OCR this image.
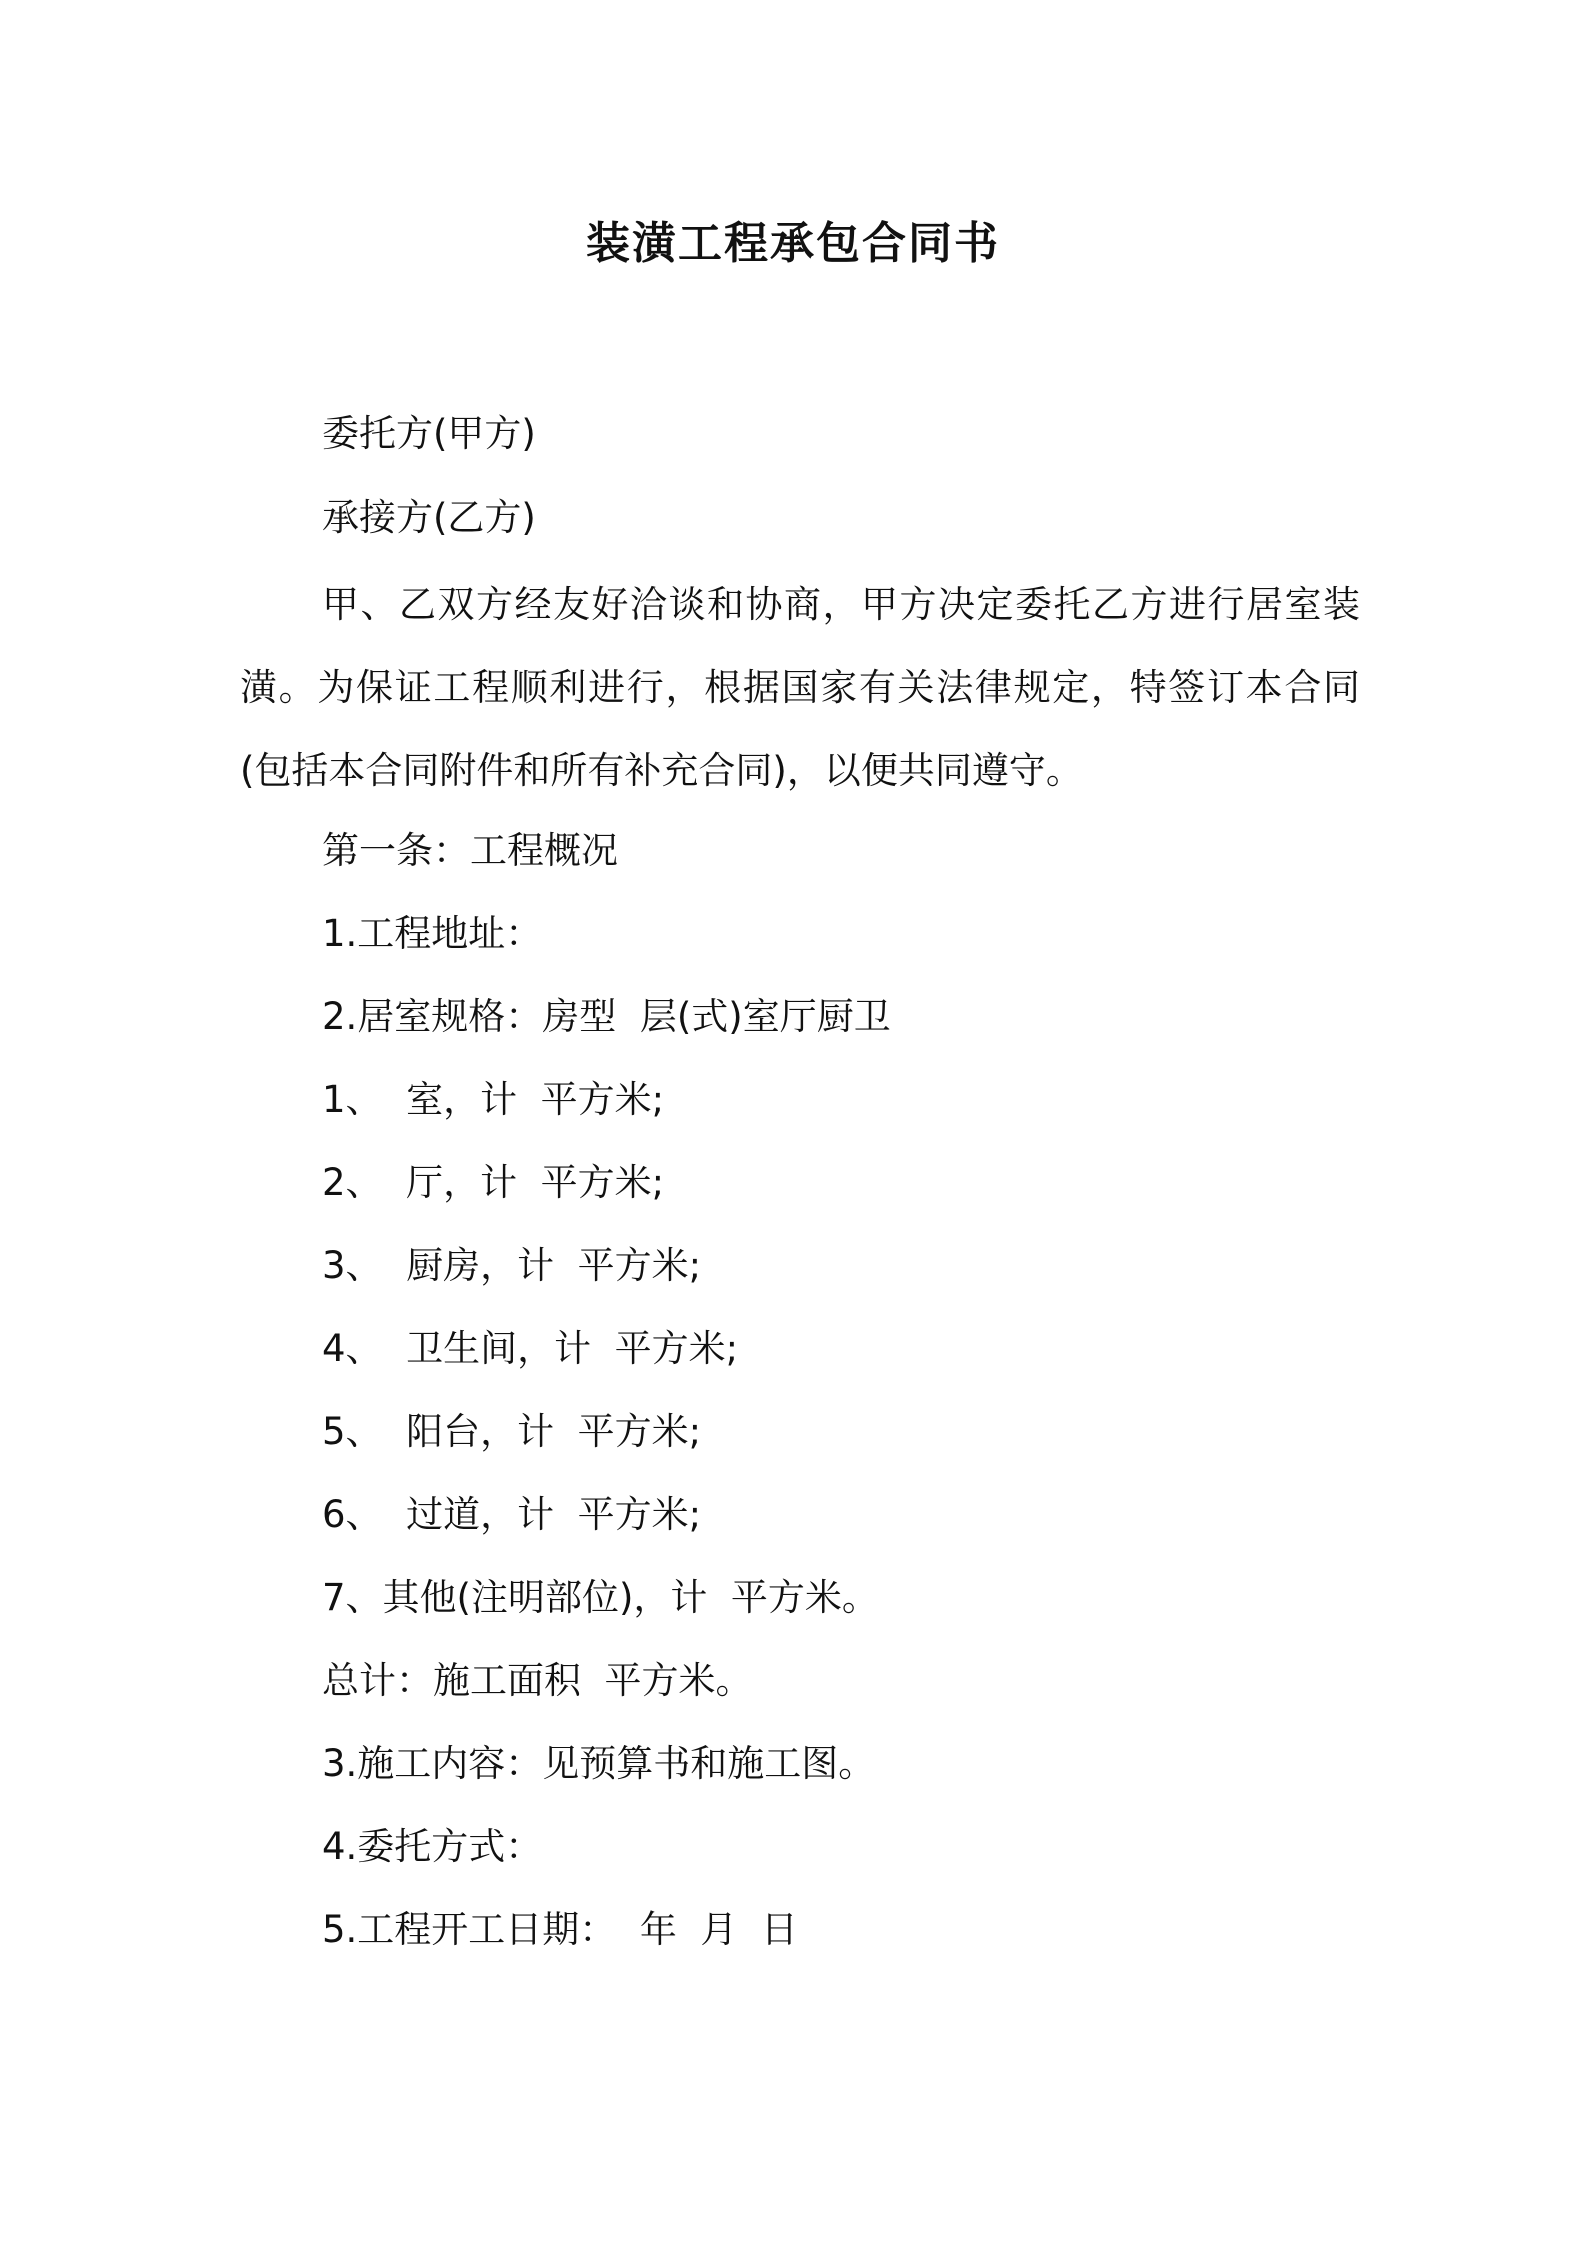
装潢工程承包合同书
委托方(甲方)
承接方(乙方)

甲、乙双方经友好洽谈和协商，甲方决定委托乙方进行居室装潢。为保证工程顺利进行，根据国家有关法律规定，特签订本合同(包括本合同附件和所有补充合同)，以便共同遵守。

第一条：工程概况
1.工程地址：
2.居室规格：房型  层(式)室厅厨卫
1、  室，计  平方米;
2、  厅，计  平方米;
3、  厨房，计  平方米;
4、  卫生间，计  平方米;
5、  阳台，计  平方米;
6、  过道，计  平方米;
7、其他(注明部位)，计  平方米。
总计：施工面积  平方米。
3.施工内容：见预算书和施工图。
4.委托方式：
5.工程开工日期：  年  月  日
